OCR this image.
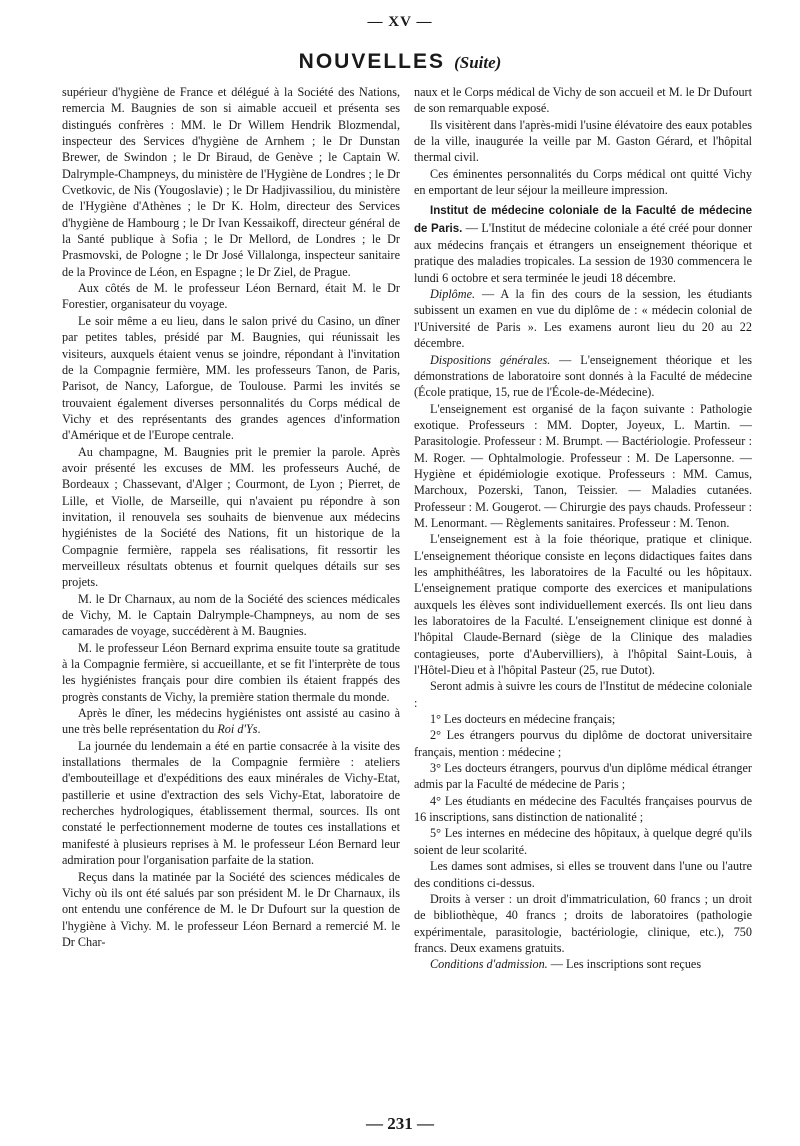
— XV —
NOUVELLES (Suite)

supérieur d'hygiène de France et délégué à la Société des Nations, remercia M. Baugnies de son si aimable accueil et présenta ses distingués confrères : MM. le Dr Willem Hendrik Blozmendal, inspecteur des Services d'hygiène de Arnhem ; le Dr Dunstan Brewer, de Swindon ; le Dr Biraud, de Genève ; le Captain W. Dalrymple-Champneys, du ministère de l'Hygiène de Londres ; le Dr Cvetkovic, de Nis (Yougoslavie) ; le Dr Hadjivassiliou, du ministère de l'Hygiène d'Athènes ; le Dr K. Holm, directeur des Services d'hygiène de Hambourg ; le Dr Ivan Kessaikoff, directeur général de la Santé publique à Sofia ; le Dr Mellord, de Londres ; le Dr Prasmovski, de Pologne ; le Dr José Villalonga, inspecteur sanitaire de la Province de Léon, en Espagne ; le Dr Ziel, de Prague.

Aux côtés de M. le professeur Léon Bernard, était M. le Dr Forestier, organisateur du voyage.

Le soir même a eu lieu, dans le salon privé du Casino, un dîner par petites tables, présidé par M. Baugnies, qui réunissait les visiteurs, auxquels étaient venus se joindre, répondant à l'invitation de la Compagnie fermière, MM. les professeurs Tanon, de Paris, Parisot, de Nancy, Laforgue, de Toulouse. Parmi les invités se trouvaient également diverses personnalités du Corps médical de Vichy et des représentants des grandes agences d'information d'Amérique et de l'Europe centrale.

Au champagne, M. Baugnies prit le premier la parole. Après avoir présenté les excuses de MM. les professeurs Auché, de Bordeaux ; Chassevant, d'Alger ; Courmont, de Lyon ; Pierret, de Lille, et Violle, de Marseille, qui n'avaient pu répondre à son invitation, il renouvela ses souhaits de bienvenue aux médecins hygiénistes de la Société des Nations, fit un historique de la Compagnie fermière, rappela ses réalisations, fit ressortir les merveilleux résultats obtenus et fournit quelques détails sur ses projets.

M. le Dr Charnaux, au nom de la Société des sciences médicales de Vichy, M. le Captain Dalrymple-Champneys, au nom de ses camarades de voyage, succédèrent à M. Baugnies.

M. le professeur Léon Bernard exprima ensuite toute sa gratitude à la Compagnie fermière, si accueillante, et se fit l'interprète de tous les hygiénistes français pour dire combien ils étaient frappés des progrès constants de Vichy, la première station thermale du monde.

Après le dîner, les médecins hygiénistes ont assisté au casino à une très belle représentation du Roi d'Ys.

La journée du lendemain a été en partie consacrée à la visite des installations thermales de la Compagnie fermière : ateliers d'embouteillage et d'expéditions des eaux minérales de Vichy-Etat, pastillerie et usine d'extraction des sels Vichy-Etat, laboratoire de recherches hydrologiques, établissement thermal, sources. Ils ont constaté le perfectionnement moderne de toutes ces installations et manifesté à plusieurs reprises à M. le professeur Léon Bernard leur admiration pour l'organisation parfaite de la station.

Reçus dans la matinée par la Société des sciences médicales de Vichy où ils ont été salués par son président M. le Dr Charnaux, ils ont entendu une conférence de M. le Dr Dufourt sur la question de l'hygiène à Vichy. M. le professeur Léon Bernard a remercié M. le Dr Char-

naux et le Corps médical de Vichy de son accueil et M. le Dr Dufourt de son remarquable exposé.

Ils visitèrent dans l'après-midi l'usine élévatoire des eaux potables de la ville, inaugurée la veille par M. Gaston Gérard, et l'hôpital thermal civil.

Ces éminentes personnalités du Corps médical ont quitté Vichy en emportant de leur séjour la meilleure impression.

Institut de médecine coloniale de la Faculté de médecine de Paris. — L'Institut de médecine coloniale a été créé pour donner aux médecins français et étrangers un enseignement théorique et pratique des maladies tropicales. La session de 1930 commencera le lundi 6 octobre et sera terminée le jeudi 18 décembre.

Diplôme. — A la fin des cours de la session, les étudiants subissent un examen en vue du diplôme de : « médecin colonial de l'Université de Paris ». Les examens auront lieu du 20 au 22 décembre.

Dispositions générales. — L'enseignement théorique et les démonstrations de laboratoire sont donnés à la Faculté de médecine (École pratique, 15, rue de l'École-de-Médecine).

L'enseignement est organisé de la façon suivante : Pathologie exotique. Professeurs : MM. Dopter, Joyeux, L. Martin. — Parasitologie. Professeur : M. Brumpt. — Bactériologie. Professeur : M. Roger. — Ophtalmologie. Professeur : M. De Lapersonne. — Hygiène et épidémiologie exotique. Professeurs : MM. Camus, Marchoux, Pozerski, Tanon, Teissier. — Maladies cutanées. Professeur : M. Gougerot. — Chirurgie des pays chauds. Professeur : M. Lenormant. — Règlements sanitaires. Professeur : M. Tenon.

L'enseignement est à la foie théorique, pratique et clinique. L'enseignement théorique consiste en leçons didactiques faites dans les amphithéâtres, les laboratoires de la Faculté ou les hôpitaux. L'enseignement pratique comporte des exercices et manipulations auxquels les élèves sont individuellement exercés. Ils ont lieu dans les laboratoires de la Faculté. L'enseignement clinique est donné à l'hôpital Claude-Bernard (siège de la Clinique des maladies contagieuses, porte d'Aubervilliers), à l'hôpital Saint-Louis, à l'Hôtel-Dieu et à l'hôpital Pasteur (25, rue Dutot).

Seront admis à suivre les cours de l'Institut de médecine coloniale :

1° Les docteurs en médecine français;

2° Les étrangers pourvus du diplôme de doctorat universitaire français, mention : médecine ;

3° Les docteurs étrangers, pourvus d'un diplôme médical étranger admis par la Faculté de médecine de Paris ;

4° Les étudiants en médecine des Facultés françaises pourvus de 16 inscriptions, sans distinction de nationalité ;

5° Les internes en médecine des hôpitaux, à quelque degré qu'ils soient de leur scolarité.

Les dames sont admises, si elles se trouvent dans l'une ou l'autre des conditions ci-dessus.

Droits à verser : un droit d'immatriculation, 60 francs ; un droit de bibliothèque, 40 francs ; droits de laboratoires (pathologie expérimentale, parasitologie, bactériologie, clinique, etc.), 750 francs. Deux examens gratuits.

Conditions d'admission. — Les inscriptions sont reçues

— 231 —
